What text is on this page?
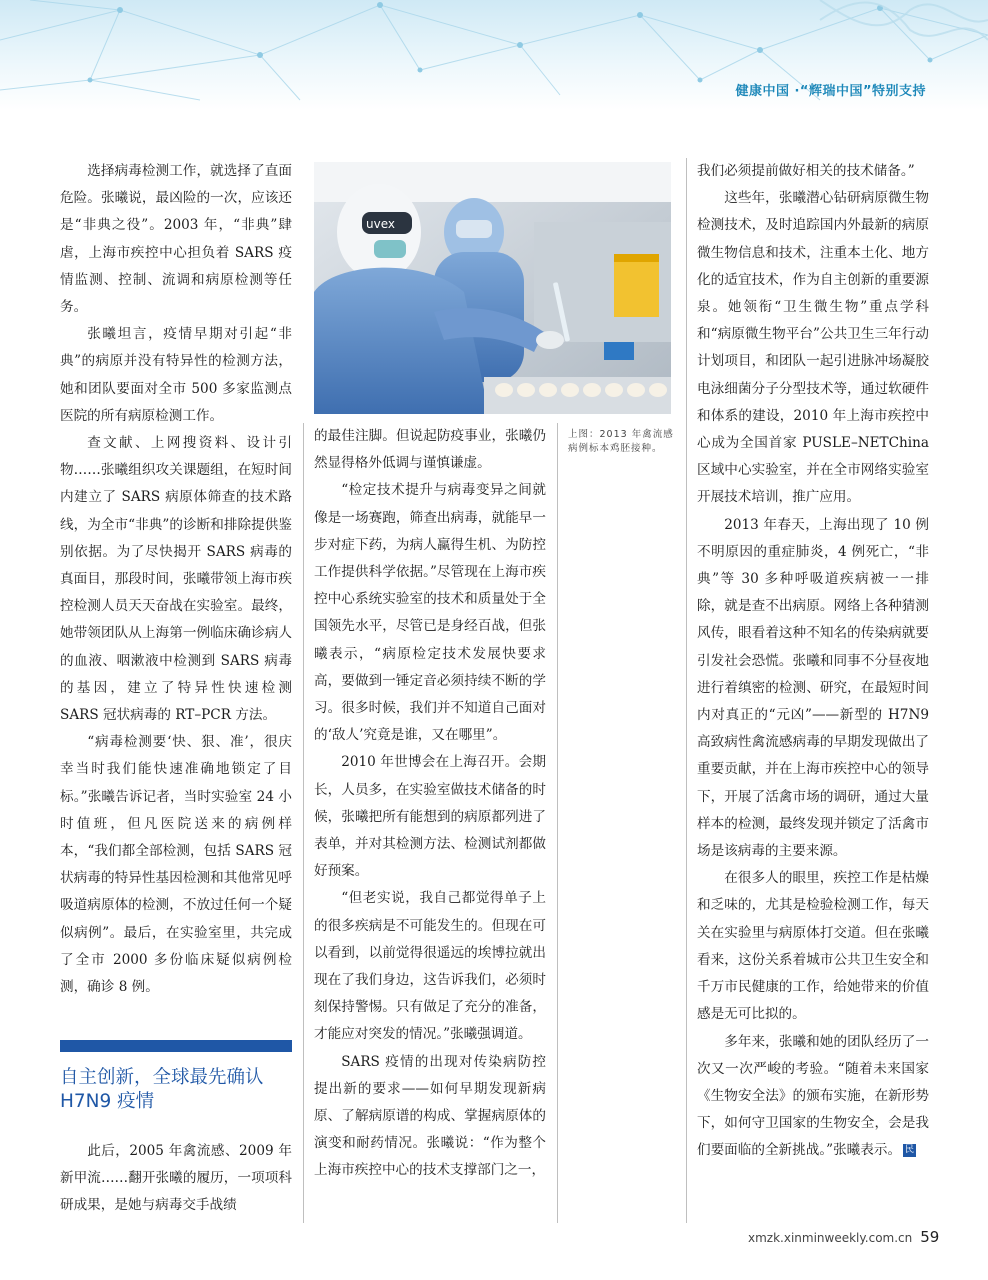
健康中国 ·“辉瑞中国”特别支持

选择病毒检测工作，就选择了直面危险。张曦说，最凶险的一次，应该还是“非典之役”。2003 年，“非典”肆虐，上海市疾控中心担负着 SARS 疫情监测、控制、流调和病原检测等任务。

张曦坦言，疫情早期对引起“非典”的病原并没有特异性的检测方法，她和团队要面对全市 500 多家监测点医院的所有病原检测工作。

查文献、上网搜资料、设计引物……张曦组织攻关课题组，在短时间内建立了 SARS 病原体筛查的技术路线，为全市“非典”的诊断和排除提供鉴别依据。为了尽快揭开 SARS 病毒的真面目，那段时间，张曦带领上海市疾控检测人员天天奋战在实验室。最终，她带领团队从上海第一例临床确诊病人的血液、咽漱液中检测到 SARS 病毒的基因，建立了特异性快速检测 SARS 冠状病毒的 RT–PCR 方法。

“病毒检测要‘快、狠、准’，很庆幸当时我们能快速准确地锁定了目标。”张曦告诉记者，当时实验室 24 小时值班，但凡医院送来的病例样本，“我们都全部检测，包括 SARS 冠状病毒的特异性基因检测和其他常见呼吸道病原体的检测，不放过任何一个疑似病例”。最后，在实验室里，共完成了全市 2000 多份临床疑似病例检测，确诊 8 例。

自主创新，全球最先确认
H7N9 疫情

此后，2005 年禽流感、2009 年新甲流……翻开张曦的履历，一项项科研成果，是她与病毒交手战绩

uvex
上图：2013 年禽流感病例标本鸡胚接种。

的最佳注脚。但说起防疫事业，张曦仍然显得格外低调与谨慎谦虚。

“检定技术提升与病毒变异之间就像是一场赛跑，筛查出病毒，就能早一步对症下药，为病人赢得生机、为防控工作提供科学依据。”尽管现在上海市疾控中心系统实验室的技术和质量处于全国领先水平，尽管已是身经百战，但张曦表示，“病原检定技术发展快要求高，要做到一锤定音必须持续不断的学习。很多时候，我们并不知道自己面对的‘敌人’究竟是谁，又在哪里”。

2010 年世博会在上海召开。会期长，人员多，在实验室做技术储备的时候，张曦把所有能想到的病原都列进了表单，并对其检测方法、检测试剂都做好预案。

“但老实说，我自己都觉得单子上的很多疾病是不可能发生的。但现在可以看到，以前觉得很遥远的埃博拉就出现在了我们身边，这告诉我们，必须时刻保持警惕。只有做足了充分的准备，才能应对突发的情况。”张曦强调道。

SARS 疫情的出现对传染病防控提出新的要求——如何早期发现新病原、了解病原谱的构成、掌握病原体的演变和耐药情况。张曦说：“作为整个上海市疾控中心的技术支撑部门之一，

我们必须提前做好相关的技术储备。”

这些年，张曦潜心钻研病原微生物检测技术，及时追踪国内外最新的病原微生物信息和技术，注重本土化、地方化的适宜技术，作为自主创新的重要源泉。她领衔“卫生微生物”重点学科和“病原微生物平台”公共卫生三年行动计划项目，和团队一起引进脉冲场凝胶电泳细菌分子分型技术等，通过软硬件和体系的建设，2010 年上海市疾控中心成为全国首家 PUSLE–NETChina 区域中心实验室，并在全市网络实验室开展技术培训，推广应用。

2013 年春天，上海出现了 10 例不明原因的重症肺炎，4 例死亡，“非典”等 30 多种呼吸道疾病被一一排除，就是查不出病原。网络上各种猜测风传，眼看着这种不知名的传染病就要引发社会恐慌。张曦和同事不分昼夜地进行着缜密的检测、研究，在最短时间内对真正的“元凶”——新型的 H7N9 高致病性禽流感病毒的早期发现做出了重要贡献，并在上海市疾控中心的领导下，开展了活禽市场的调研，通过大量样本的检测，最终发现并锁定了活禽市场是该病毒的主要来源。

在很多人的眼里，疾控工作是枯燥和乏味的，尤其是检验检测工作，每天关在实验里与病原体打交道。但在张曦看来，这份关系着城市公共卫生安全和千万市民健康的工作，给她带来的价值感是无可比拟的。

多年来，张曦和她的团队经历了一次又一次严峻的考验。“随着未来国家《生物安全法》的颁布实施，在新形势下，如何守卫国家的生物安全，会是我们要面临的全新挑战。”张曦表示。 民

xmzk.xinminweekly.com.cn 59
